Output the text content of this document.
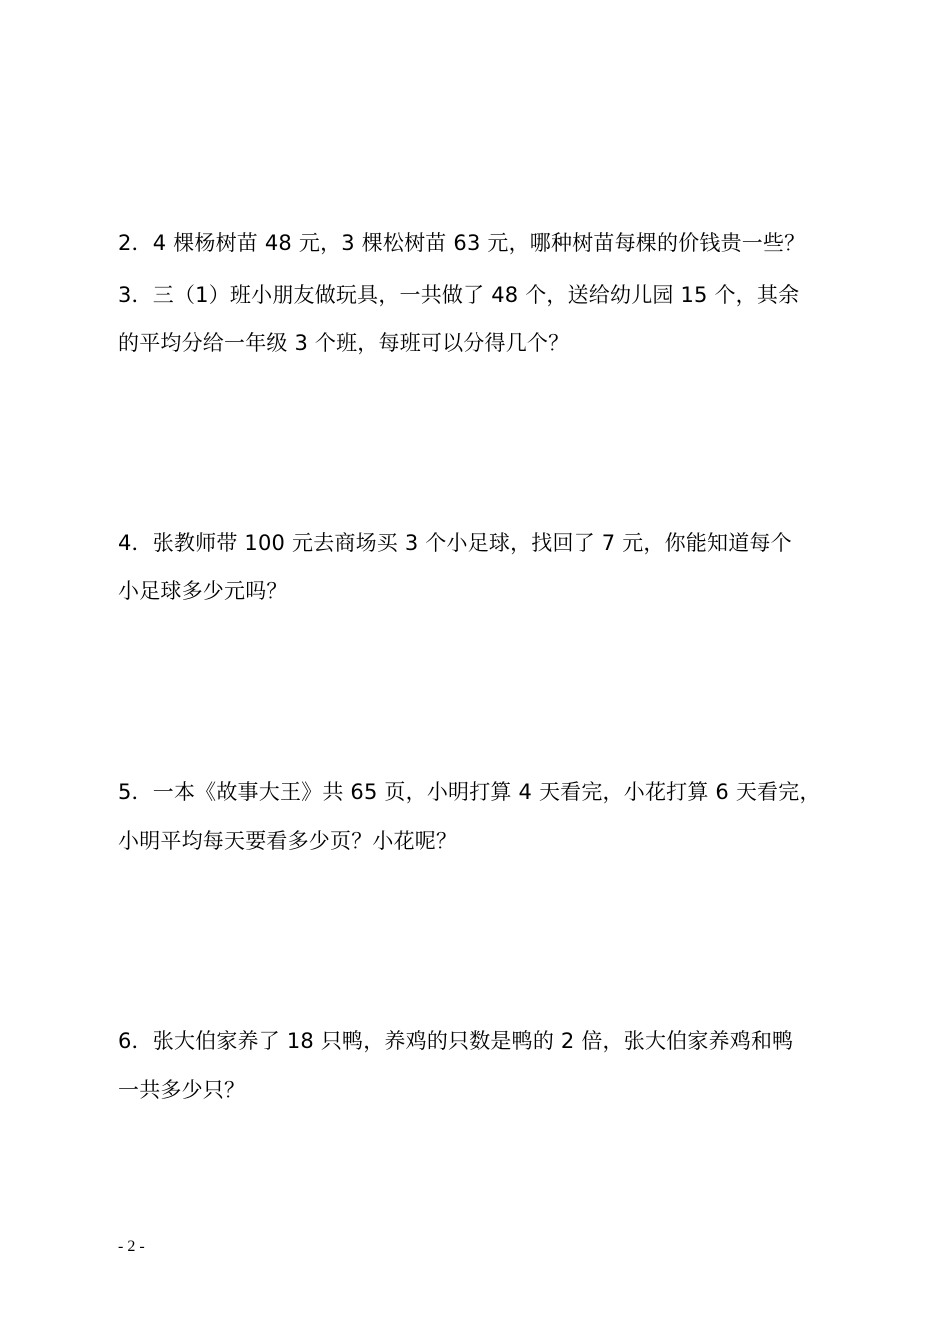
2．4 棵杨树苗 48 元，3 棵松树苗 63 元，哪种树苗每棵的价钱贵一些？
3．三（1）班小朋友做玩具，一共做了 48 个，送给幼儿园 15 个，其余
的平均分给一年级 3 个班，每班可以分得几个？
4．张教师带 100 元去商场买 3 个小足球，找回了 7 元，你能知道每个
小足球多少元吗？
5．一本《故事大王》共 65 页，小明打算 4 天看完，小花打算 6 天看完，
小明平均每天要看多少页？小花呢？
6．张大伯家养了 18 只鸭，养鸡的只数是鸭的 2 倍，张大伯家养鸡和鸭
一共多少只？
- 2 -
